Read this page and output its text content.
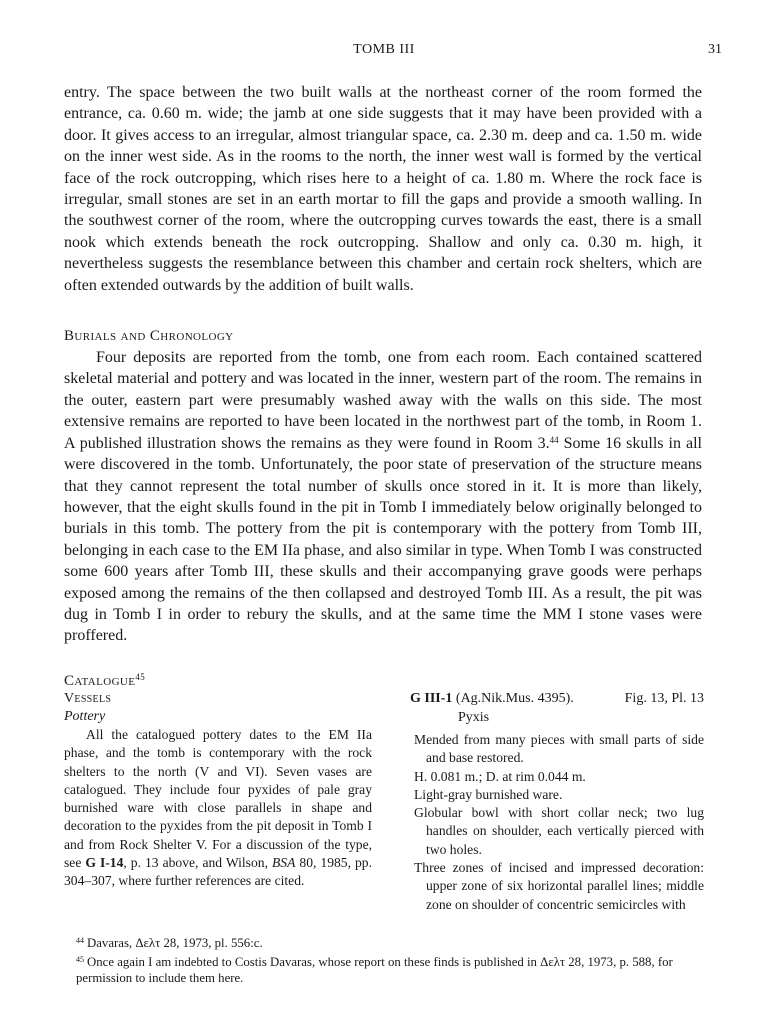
TOMB III	31

entry. The space between the two built walls at the northeast corner of the room formed the entrance, ca. 0.60 m. wide; the jamb at one side suggests that it may have been provided with a door. It gives access to an irregular, almost triangular space, ca. 2.30 m. deep and ca. 1.50 m. wide on the inner west side. As in the rooms to the north, the inner west wall is formed by the vertical face of the rock outcropping, which rises here to a height of ca. 1.80 m. Where the rock face is irregular, small stones are set in an earth mortar to fill the gaps and provide a smooth walling. In the southwest corner of the room, where the outcropping curves towards the east, there is a small nook which extends beneath the rock outcropping. Shallow and only ca. 0.30 m. high, it nevertheless suggests the resemblance between this chamber and certain rock shelters, which are often extended outwards by the addition of built walls.

Burials and Chronology

Four deposits are reported from the tomb, one from each room. Each contained scattered skeletal material and pottery and was located in the inner, western part of the room. The remains in the outer, eastern part were presumably washed away with the walls on this side. The most extensive remains are reported to have been located in the northwest part of the tomb, in Room 1. A published illustration shows the remains as they were found in Room 3.44 Some 16 skulls in all were discovered in the tomb. Unfortunately, the poor state of preservation of the structure means that they cannot represent the total number of skulls once stored in it. It is more than likely, however, that the eight skulls found in the pit in Tomb I immediately below originally belonged to burials in this tomb. The pottery from the pit is contemporary with the pottery from Tomb III, belonging in each case to the EM IIa phase, and also similar in type. When Tomb I was constructed some 600 years after Tomb III, these skulls and their accompanying grave goods were perhaps exposed among the remains of the then collapsed and destroyed Tomb III. As a result, the pit was dug in Tomb I in order to rebury the skulls, and at the same time the MM I stone vases were proffered.

Catalogue$^{45}$

Vessels

Pottery

All the catalogued pottery dates to the EM IIa phase, and the tomb is contemporary with the rock shelters to the north (V and VI). Seven vases are catalogued. They include four pyxides of pale gray burnished ware with close parallels in shape and decoration to the pyxides from the pit deposit in Tomb I and from Rock Shelter V. For a discussion of the type, see G I-14, p. 13 above, and Wilson, BSA 80, 1985, pp. 304–307, where further references are cited.

G III-1 (Ag.Nik.Mus. 4395).	Fig. 13, Pl. 13

Pyxis

Mended from many pieces with small parts of side and base restored.

H. 0.081 m.; D. at rim 0.044 m.

Light-gray burnished ware.

Globular bowl with short collar neck; two lug handles on shoulder, each vertically pierced with two holes.

Three zones of incised and impressed decoration: upper zone of six horizontal parallel lines; middle zone on shoulder of concentric semicircles with

$^{44}$ Davaras, Δελτ 28, 1973, pl. 556:c.

$^{45}$ Once again I am indebted to Costis Davaras, whose report on these finds is published in Δελτ 28, 1973, p. 588, for permission to include them here.
